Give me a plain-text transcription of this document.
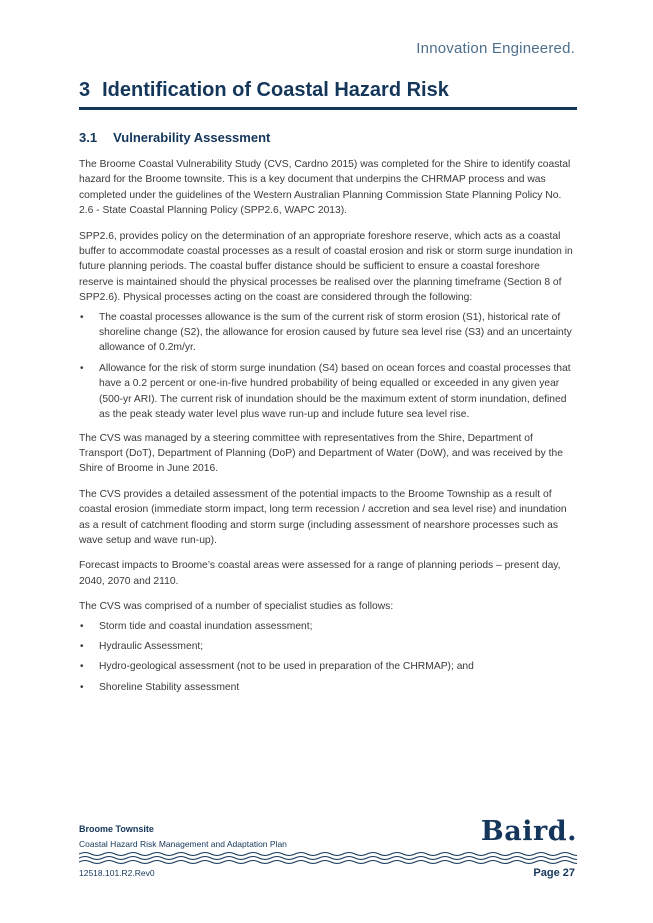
Innovation Engineered.
3 Identification of Coastal Hazard Risk
3.1 Vulnerability Assessment

The Broome Coastal Vulnerability Study (CVS, Cardno 2015) was completed for the Shire to identify coastal hazard for the Broome townsite. This is a key document that underpins the CHRMAP process and was completed under the guidelines of the Western Australian Planning Commission State Planning Policy No. 2.6 - State Coastal Planning Policy (SPP2.6, WAPC 2013).

SPP2.6, provides policy on the determination of an appropriate foreshore reserve, which acts as a coastal buffer to accommodate coastal processes as a result of coastal erosion and risk or storm surge inundation in future planning periods. The coastal buffer distance should be sufficient to ensure a coastal foreshore reserve is maintained should the physical processes be realised over the planning timeframe (Section 8 of SPP2.6). Physical processes acting on the coast are considered through the following:

• The coastal processes allowance is the sum of the current risk of storm erosion (S1), historical rate of shoreline change (S2), the allowance for erosion caused by future sea level rise (S3) and an uncertainty allowance of 0.2m/yr.
• Allowance for the risk of storm surge inundation (S4) based on ocean forces and coastal processes that have a 0.2 percent or one-in-five hundred probability of being equalled or exceeded in any given year (500-yr ARI). The current risk of inundation should be the maximum extent of storm inundation, defined as the peak steady water level plus wave run-up and include future sea level rise.

The CVS was managed by a steering committee with representatives from the Shire, Department of Transport (DoT), Department of Planning (DoP) and Department of Water (DoW), and was received by the Shire of Broome in June 2016.

The CVS provides a detailed assessment of the potential impacts to the Broome Township as a result of coastal erosion (immediate storm impact, long term recession / accretion and sea level rise) and inundation as a result of catchment flooding and storm surge (including assessment of nearshore processes such as wave setup and wave run-up).

Forecast impacts to Broome’s coastal areas were assessed for a range of planning periods – present day, 2040, 2070 and 2110.

The CVS was comprised of a number of specialist studies as follows:

• Storm tide and coastal inundation assessment;
• Hydraulic Assessment;
• Hydro-geological assessment (not to be used in preparation of the CHRMAP); and
• Shoreline Stability assessment
Broome Townsite
Coastal Hazard Risk Management and Adaptation Plan	Baird.
12518.101.R2.Rev0	Page 27
